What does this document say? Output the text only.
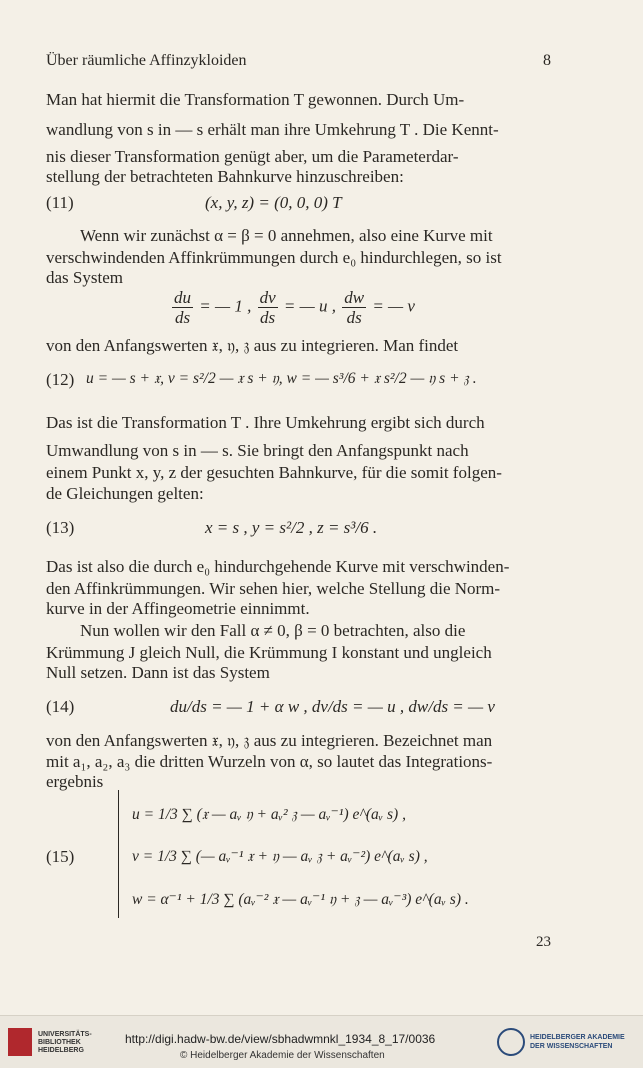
Über räumliche Affinzykloiden	8
Man hat hiermit die Transformation T gewonnen. Durch Um-
wandlung von s in — s erhält man ihre Umkehrung T . Die Kennt-
nis dieser Transformation genügt aber, um die Parameterdar-
stellung der betrachteten Bahnkurve hinzuschreiben:
(11)	(x, y, z) = (0, 0, 0) T
Wenn wir zunächst α = β = 0 annehmen, also eine Kurve mit
verschwindenden Affinkrümmungen durch e₀ hindurchlegen, so ist
das System
$\frac{du}{ds}$ = — 1 , $\frac{dv}{ds}$ = — u , $\frac{dw}{ds}$ = — v
von den Anfangswerten 𝔵, 𝔶, 𝔷 aus zu integrieren. Man findet
(12) u = — s + 𝔵, v = s²/2 — 𝔵 s + 𝔶, w = — s³/6 + 𝔵 s²/2 — 𝔶 s + 𝔷 .
Das ist die Transformation T . Ihre Umkehrung ergibt sich durch
Umwandlung von s in — s. Sie bringt den Anfangspunkt nach
einem Punkt x, y, z der gesuchten Bahnkurve, für die somit folgen-
de Gleichungen gelten:
(13)	x = s , y = s²/2 , z = s³/6 .
Das ist also die durch e₀ hindurchgehende Kurve mit verschwinden-
den Affinkrümmungen. Wir sehen hier, welche Stellung die Norm-
kurve in der Affingeometrie einnimmt.
Nun wollen wir den Fall α ≠ 0, β = 0 betrachten, also die
Krümmung J gleich Null, die Krümmung I konstant und ungleich
Null setzen. Dann ist das System
(14)	du/ds = — 1 + α w , dv/ds = — u , dw/ds = — v
von den Anfangswerten 𝔵, 𝔶, 𝔷 aus zu integrieren. Bezeichnet man
mit a₁, a₂, a₃ die dritten Wurzeln von α, so lautet das Integrations-
ergebnis
(15)
u = 1/3 ∑ (𝔵 — aᵥ 𝔶 + aᵥ² 𝔷 — aᵥ⁻¹) e^(aᵥ s) ,
v = 1/3 ∑ (— aᵥ⁻¹ 𝔵 + 𝔶 — aᵥ 𝔷 + aᵥ⁻²) e^(aᵥ s) ,
w = α⁻¹ + 1/3 ∑ (aᵥ⁻² 𝔵 — aᵥ⁻¹ 𝔶 + 𝔷 — aᵥ⁻³) e^(aᵥ s) .
23
UNIVERSITÄTS- BIBLIOTHEK HEIDELBERG
http://digi.hadw-bw.de/view/sbhadwmnkl_1934_8_17/0036
© Heidelberger Akademie der Wissenschaften
HEIDELBERGER AKADEMIE DER WISSENSCHAFTEN
